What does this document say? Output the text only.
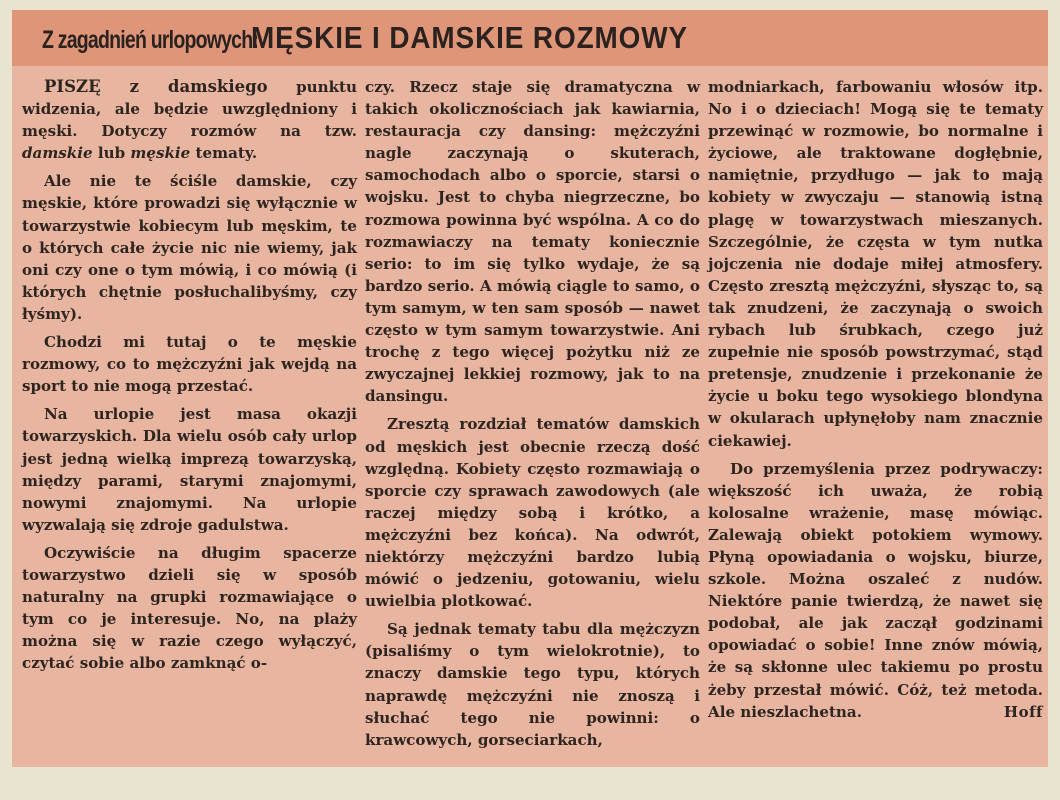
Z zagadnień urlopowych:
MĘSKIE I DAMSKIE ROZMOWY

PISZĘ z damskiego punktu widzenia, ale będzie uwzględniony i męski. Dotyczy rozmów na tzw. damskie lub męskie tematy.

Ale nie te ściśle damskie, czy męskie, które prowadzi się wyłącznie w towarzystwie kobiecym lub męskim, te o których całe życie nic nie wiemy, jak oni czy one o tym mówią, i co mówią (i których chętnie posłuchalibyśmy, czy łyśmy).

Chodzi mi tutaj o te męskie rozmowy, co to mężczyźni jak wejdą na sport to nie mogą przestać.

Na urlopie jest masa okazji towarzyskich. Dla wielu osób cały urlop jest jedną wielką imprezą towarzyską, między parami, starymi znajomymi, nowymi znajomymi. Na urlopie wyzwalają się zdroje gadulstwa.

Oczywiście na długim spacerze towarzystwo dzieli się w sposób naturalny na grupki rozmawiające o tym co je interesuje. No, na plaży można się w razie czego wyłączyć, czytać sobie albo zamknąć o-

czy. Rzecz staje się dramatyczna w takich okolicznościach jak kawiarnia, restauracja czy dansing: mężczyźni nagle zaczynają o skuterach, samochodach albo o sporcie, starsi o wojsku. Jest to chyba niegrzeczne, bo rozmowa powinna być wspólna. A co do rozmawiaczy na tematy koniecznie serio: to im się tylko wydaje, że są bardzo serio. A mówią ciągle to samo, o tym samym, w ten sam sposób — nawet często w tym samym towarzystwie. Ani trochę z tego więcej pożytku niż ze zwyczajnej lekkiej rozmowy, jak to na dansingu.

Zresztą rozdział tematów damskich od męskich jest obecnie rzeczą dość względną. Kobiety często rozmawiają o sporcie czy sprawach zawodowych (ale raczej między sobą i krótko, a mężczyźni bez końca). Na odwrót, niektórzy mężczyźni bardzo lubią mówić o jedzeniu, gotowaniu, wielu uwielbia plotkować.

Są jednak tematy tabu dla mężczyzn (pisaliśmy o tym wielokrotnie), to znaczy damskie tego typu, których naprawdę mężczyźni nie znoszą i słuchać tego nie powinni: o krawcowych, gorseciarkach,

modniarkach, farbowaniu włosów itp. No i o dzieciach! Mogą się te tematy przewinąć w rozmowie, bo normalne i życiowe, ale traktowane dogłębnie, namiętnie, przydługo — jak to mają kobiety w zwyczaju — stanowią istną plagę w towarzystwach mieszanych. Szczególnie, że częsta w tym nutka jojczenia nie dodaje miłej atmosfery. Często zresztą mężczyźni, słysząc to, są tak znudzeni, że zaczynają o swoich rybach lub śrubkach, czego już zupełnie nie sposób powstrzymać, stąd pretensje, znudzenie i przekonanie że życie u boku tego wysokiego blondyna w okularach upłynęłoby nam znacznie ciekawiej.

Do przemyślenia przez podrywaczy: większość ich uważa, że robią kolosalne wrażenie, masę mówiąc. Zalewają obiekt potokiem wymowy. Płyną opowiadania o wojsku, biurze, szkole. Można oszaleć z nudów. Niektóre panie twierdzą, że nawet się podobał, ale jak zaczął godzinami opowiadać o sobie! Inne znów mówią, że są skłonne ulec takiemu po prostu żeby przestał mówić. Cóż, też metoda. Ale nieszlachetna.	Hoff
